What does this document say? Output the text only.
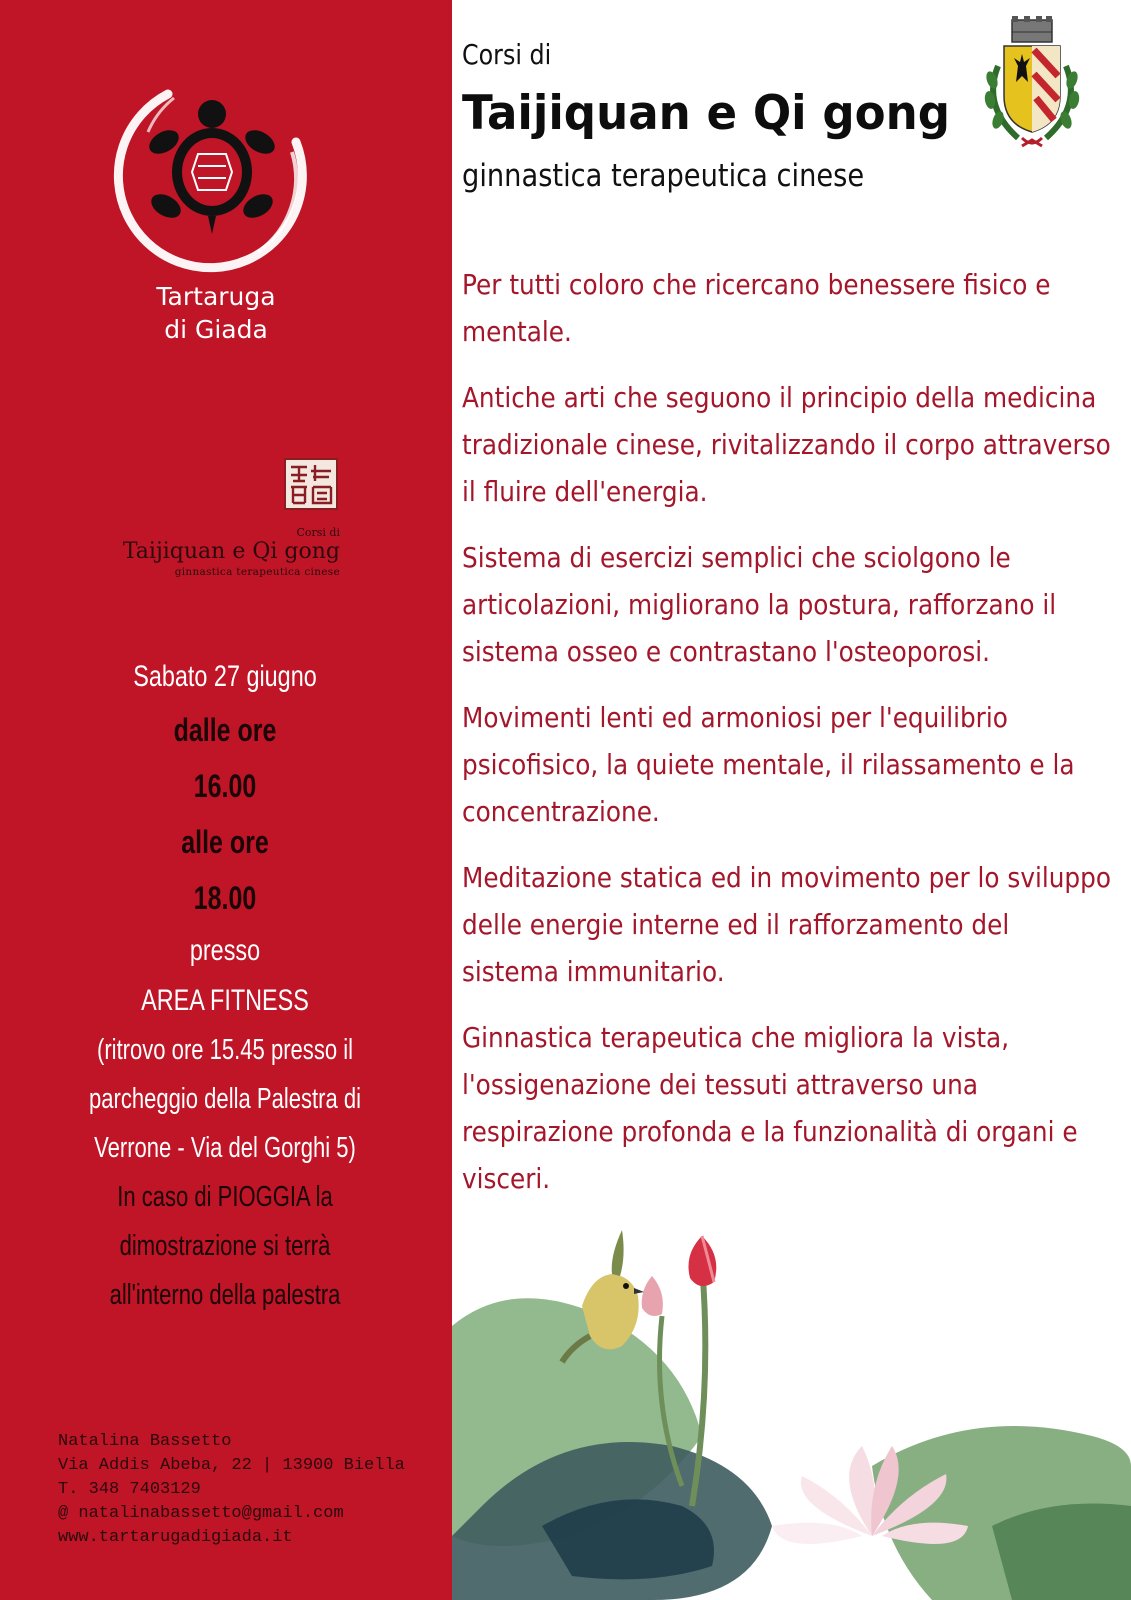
Tartaruga
di Giada
Corsi di
Taijiquan e Qi gong
ginnastica terapeutica cinese
Sabato 27 giugno
dalle ore
16.00
alle ore
18.00
presso
AREA FITNESS
(ritrovo ore 15.45 presso il
parcheggio della Palestra di
Verrone - Via del Gorghi 5)
In caso di PIOGGIA la
dimostrazione si terrà
all'interno della palestra
Natalina Bassetto
Via Addis Abeba, 22 | 13900 Biella
T. 348 7403129
@ natalinabassetto@gmail.com
www.tartarugadigiada.it
Corsi di
Taijiquan e Qi gong
ginnastica terapeutica cinese

Per tutti coloro che ricercano benessere fisico e mentale.

Antiche arti che seguono il principio della medicina tradizionale cinese, rivitalizzando il corpo attraverso il fluire dell'energia.

Sistema di esercizi semplici che sciolgono le articolazioni, migliorano la postura, rafforzano il sistema osseo e contrastano l'osteoporosi.

Movimenti lenti ed armoniosi per l'equilibrio psicofisico, la quiete mentale, il rilassamento e la concentrazione.

Meditazione statica ed in movimento per lo sviluppo delle energie interne ed il rafforzamento del sistema immunitario.

Ginnastica terapeutica che migliora la vista, l'ossigenazione dei tessuti attraverso una respirazione profonda e la funzionalità di organi e visceri.
